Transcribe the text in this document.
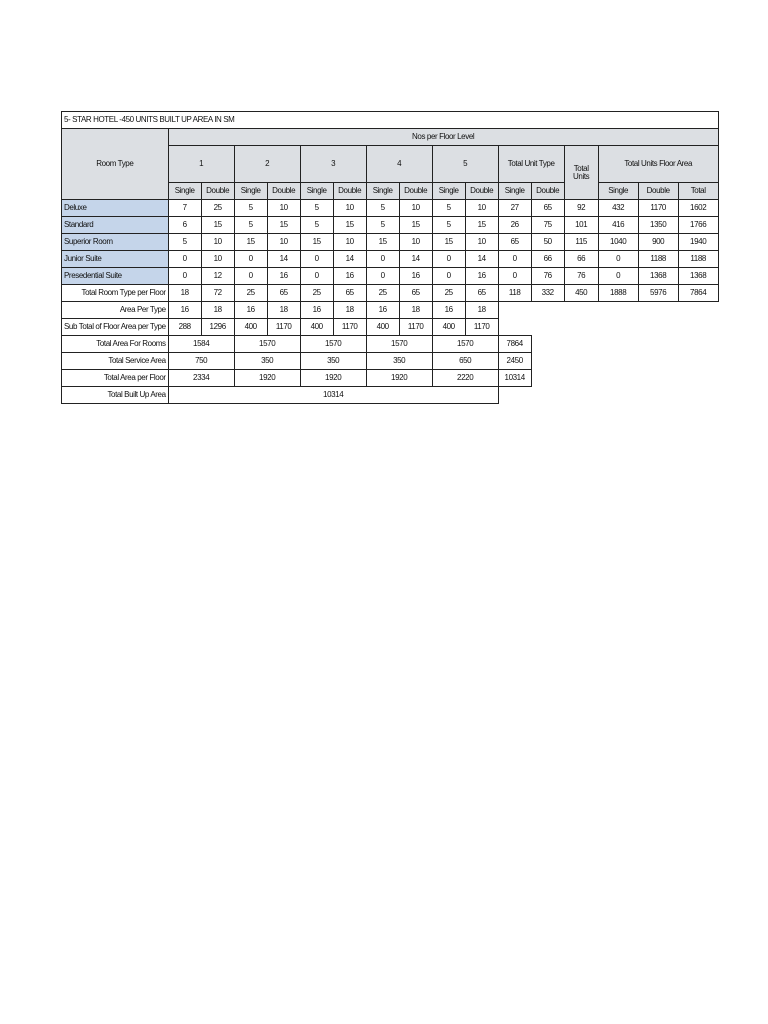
5- STAR HOTEL -450 UNITS BUILT UP AREA IN SM																
Room Type	Nos per Floor Level															
	1		2		3		4		5		Total Unit Type		Total Units	Total Units Floor Area		
	Single	Double	Single	Double	Single	Double	Single	Double	Single	Double	Single	Double		Single	Double	Total
Deluxe	7	25	5	10	5	10	5	10	5	10	27	65	92	432	1170	1602
Standard	6	15	5	15	5	15	5	15	5	15	26	75	101	416	1350	1766
Superior Room	5	10	15	10	15	10	15	10	15	10	65	50	115	1040	900	1940
Junior Suite	0	10	0	14	0	14	0	14	0	14	0	66	66	0	1188	1188
Presedential Suite	0	12	0	16	0	16	0	16	0	16	0	76	76	0	1368	1368
Total Room Type per Floor	18	72	25	65	25	65	25	65	25	65	118	332	450	1888	5976	7864
Area Per Type	16	18	16	18	16	18	16	18	16	18						
Sub Total of Floor Area per Type	288	1296	400	1170	400	1170	400	1170	400	1170						
Total Area For Rooms	1584		1570		1570		1570		1570		7864					
Total Service Area	750		350		350		350		650		2450					
Total Area per Floor	2334		1920		1920		1920		2220		10314					
Total Built Up Area	10314															
